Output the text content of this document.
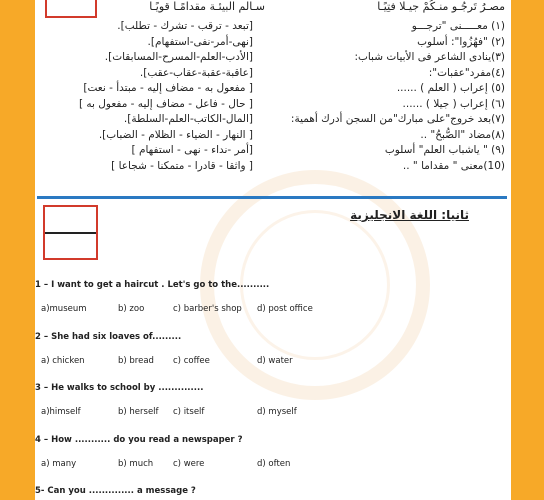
مصـرُ تَرجُـو منـكُمْ جيـلا فتِيًـا
سـالم البيئـة مقدامًـا قويًـا
(١) معـــــنى "ترجـــو
[تبعد - ترقب - تشرك - تطلب].
(٢) "فهُزُوا": أسلوب
[نهى-أمر-نفى-استفهام].
(٣)ينادى الشاعر فى الأبيات شباب:
[الأدب-العلم-المسرح-المسابقات].
(٤)مفرد"عقبات":
[عاقبة-عقبة-عقاب-عقب].
(٥) إعراب ( العلم ) ......
[ مفعول به - مضاف إليه - مبتدأ - نعت]
(٦) إعراب ( جيلا ) ......
[ حال - فاعل - مضاف إليه - مفعول به ]
(٧)بعد خروج"على مبارك"من السجن أدرك أهمية:
[المال-الكاتب-العلم-السلطة].
(٨)مضاد "الصُّبحُ" ..
[ النهار - الضياء - الظلام - الضباب].
(٩) " ياشباب العلم" أسلوب
[أمر -نداء - نهى - استفهام ]
(10)معنى " مقداما " ..
[ واثقا - قادرا - متمكنا - شجاعا ]
ثانيا: اللغة الانجليزية
1 – I want to get a haircut . Let's go to the..........
a)museum	b) zoo	c) barber's shop d) post office
2 – She had six loaves of.........
a) chicken	b) bread c) coffee	d) water
3 – He walks to school by ..............
a)himself	b) herself c) itself	d) myself
4 – How ........... do you read a newspaper ?
a) many	b) much c) were	d) often
5- Can you .............. a message ?
